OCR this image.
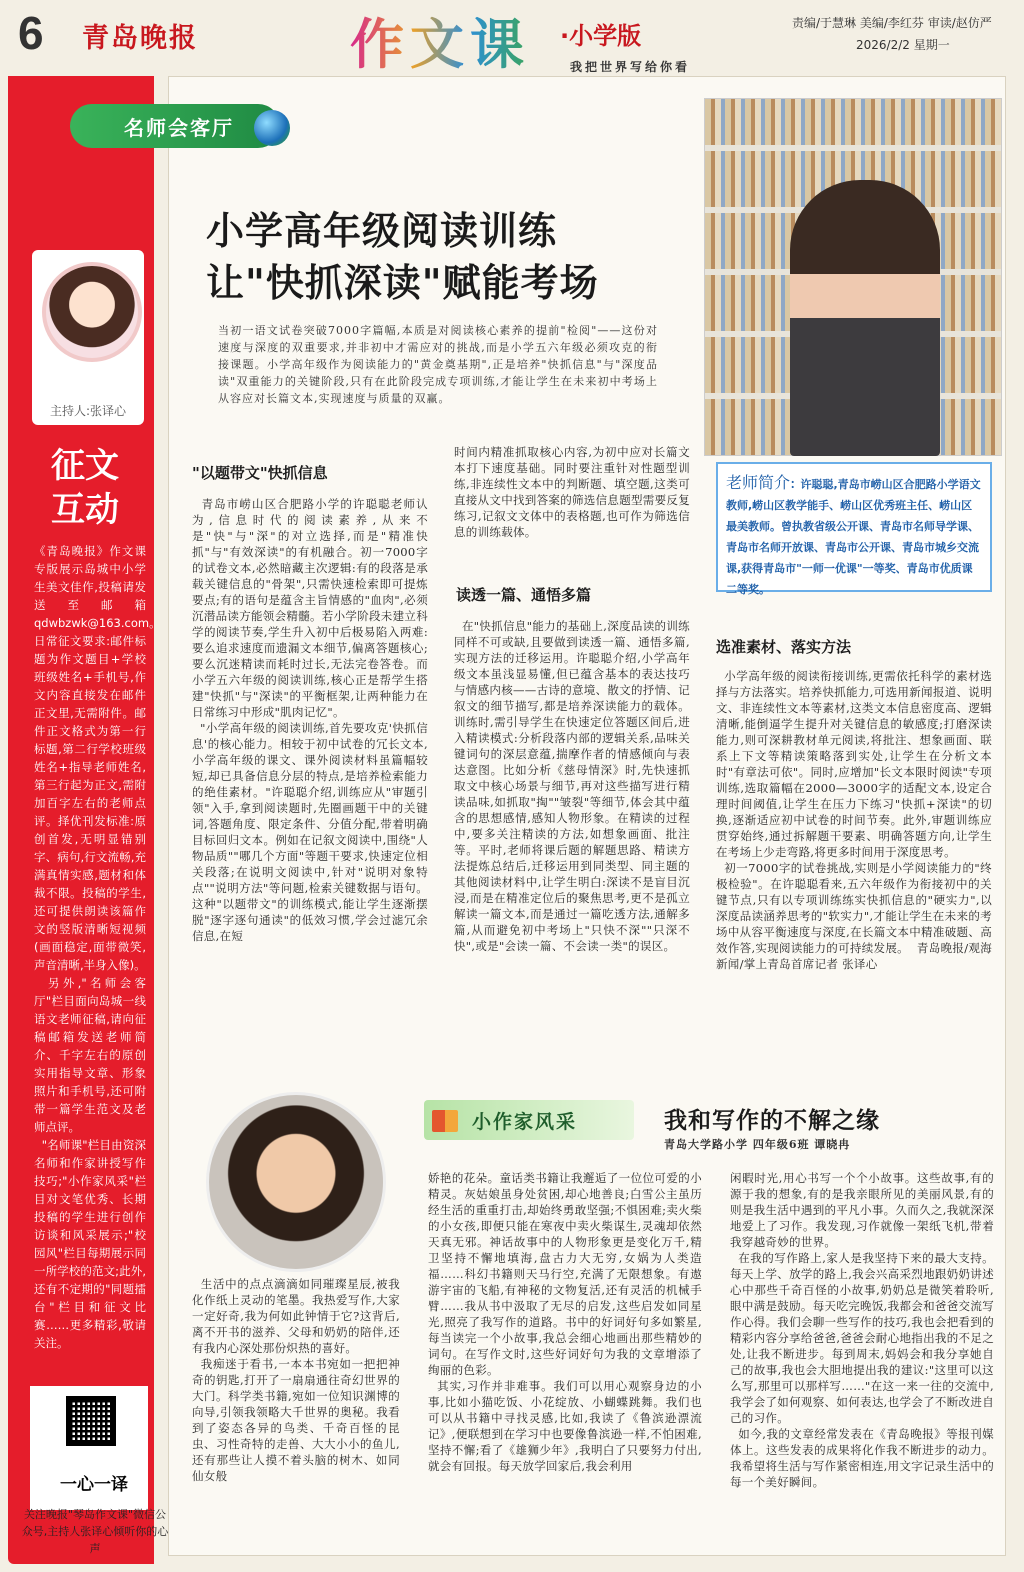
6 青岛晚报	作文课 ·小学版
我把世界写给你看
责编/于慧琳 美编/李红芬 审读/赵仿严
2026/2/2 星期一
主持人:张译心
征文
互动
《青岛晚报》作文课专版展示岛城中小学生美文佳作,投稿请发送至邮箱qdwbzwk@163.com。日常征文要求:邮件标题为作文题目+学校班级姓名+手机号,作文内容直接发在邮件正文里,无需附件。邮件正文格式为第一行标题,第二行学校班级姓名+指导老师姓名,第三行起为正文,需附加百字左右的老师点评。择优刊发标准:原创首发,无明显错别字、病句,行文流畅,充满真情实感,题材和体裁不限。投稿的学生,还可提供朗读该篇作文的竖版清晰短视频(画面稳定,面带微笑,声音清晰,半身入像)。
另外,"名师会客厅"栏目面向岛城一线语文老师征稿,请向征稿邮箱发送老师简介、千字左右的原创实用指导文章、形象照片和手机号,还可附带一篇学生范文及老师点评。
"名师课"栏目由资深名师和作家讲授写作技巧;"小作家风采"栏目对文笔优秀、长期投稿的学生进行创作访谈和风采展示;"校园风"栏目每期展示同一所学校的范文;此外,还有不定期的"同题擂台"栏目和征文比赛……更多精彩,敬请关注。
一心一译
关注晚报"琴岛作文课"微信公众号,主持人张译心倾听你的心声
名师会客厅
小学高年级阅读训练
让"快抓深读"赋能考场
当初一语文试卷突破7000字篇幅,本质是对阅读核心素养的提前"检阅"——这份对速度与深度的双重要求,并非初中才需应对的挑战,而是小学五六年级必须攻克的衔接课题。小学高年级作为阅读能力的"黄金奠基期",正是培养"快抓信息"与"深度品读"双重能力的关键阶段,只有在此阶段完成专项训练,才能让学生在未来初中考场上从容应对长篇文本,实现速度与质量的双赢。
老师简介: 许聪聪,青岛市崂山区合肥路小学语文教师,崂山区教学能手、崂山区优秀班主任、崂山区最美教师。曾执教省级公开课、青岛市名师导学课、青岛市名师开放课、青岛市公开课、青岛市城乡交流课,获得青岛市"一师一优课"一等奖、青岛市优质课二等奖。
"以题带文"快抓信息
青岛市崂山区合肥路小学的许聪聪老师认为,信息时代的阅读素养,从来不是"快"与"深"的对立选择,而是"精准快抓"与"有效深读"的有机融合。初一7000字的试卷文本,必然暗藏主次逻辑:有的段落是承载关键信息的"骨架",只需快速检索即可提炼要点;有的语句是蕴含主旨情感的"血肉",必须沉潜品读方能领会精髓。若小学阶段未建立科学的阅读节奏,学生升入初中后极易陷入两难:要么追求速度而遗漏文本细节,偏离答题核心;要么沉迷精读而耗时过长,无法完卷答卷。而小学五六年级的阅读训练,核心正是帮学生搭建"快抓"与"深读"的平衡框架,让两种能力在日常练习中形成"肌肉记忆"。
"小学高年级的阅读训练,首先要攻克'快抓信息'的核心能力。相较于初中试卷的冗长文本,小学高年级的课文、课外阅读材料虽篇幅较短,却已具备信息分层的特点,是培养检索能力的绝佳素材。"许聪聪介绍,训练应从"审题引领"入手,拿到阅读题时,先圈画题干中的关键词,答题角度、限定条件、分值分配,带着明确目标回归文本。例如在记叙文阅读中,围绕"人物品质""哪几个方面"等题干要求,快速定位相关段落;在说明文阅读中,针对"说明对象特点""说明方法"等问题,检索关键数据与语句。这种"以题带文"的训练模式,能让学生逐渐摆脱"逐字逐句通读"的低效习惯,学会过滤冗余信息,在短
时间内精准抓取核心内容,为初中应对长篇文本打下速度基础。同时要注重针对性题型训练,非连续性文本中的判断题、填空题,这类可直接从文中找到答案的筛选信息题型需要反复练习,记叙文文体中的表格题,也可作为筛选信息的训练载体。
读透一篇、通悟多篇
在"快抓信息"能力的基础上,深度品读的训练同样不可或缺,且要做到读透一篇、通悟多篇,实现方法的迁移运用。许聪聪介绍,小学高年级文本虽浅显易懂,但已蕴含基本的表达技巧与情感内核——古诗的意境、散文的抒情、记叙文的细节描写,都是培养深读能力的载体。训练时,需引导学生在快速定位答题区间后,进入精读模式:分析段落内部的逻辑关系,品味关键词句的深层意蕴,揣摩作者的情感倾向与表达意图。比如分析《慈母情深》时,先快速抓取文中核心场景与细节,再对这些描写进行精读品味,如抓取"掏""皱裂"等细节,体会其中蕴含的思想感情,感知人物形象。在精读的过程中,要多关注精读的方法,如想象画面、批注等。平时,老师将课后题的解题思路、精读方法提炼总结后,迁移运用到同类型、同主题的其他阅读材料中,让学生明白:深读不是盲目沉浸,而是在精准定位后的聚焦思考,更不是孤立解读一篇文本,而是通过一篇吃透方法,通解多篇,从而避免初中考场上"只快不深""只深不快",或是"会读一篇、不会读一类"的误区。
选准素材、落实方法
小学高年级的阅读衔接训练,更需依托科学的素材选择与方法落实。培养快抓能力,可选用新闻报道、说明文、非连续性文本等素材,这类文本信息密度高、逻辑清晰,能倒逼学生提升对关键信息的敏感度;打磨深读能力,则可深耕教材单元阅读,将批注、想象画面、联系上下文等精读策略落到实处,让学生在分析文本时"有章法可依"。同时,应增加"长文本限时阅读"专项训练,选取篇幅在2000—3000字的适配文本,设定合理时间阈值,让学生在压力下练习"快抓+深读"的切换,逐渐适应初中试卷的时间节奏。此外,审题训练应贯穿始终,通过拆解题干要素、明确答题方向,让学生在考场上少走弯路,将更多时间用于深度思考。
初一7000字的试卷挑战,实则是小学阅读能力的"终极检验"。在许聪聪看来,五六年级作为衔接初中的关键节点,只有以专项训练练实快抓信息的"硬实力",以深度品读涵养思考的"软实力",才能让学生在未来的考场中从容平衡速度与深度,在长篇文本中精准破题、高效作答,实现阅读能力的可持续发展。  青岛晚报/观海新闻/掌上青岛首席记者 张译心
小作家风采	我和写作的不解之缘
青岛大学路小学 四年级6班 谭晓冉
生活中的点点滴滴如同璀璨星辰,被我化作纸上灵动的笔墨。我热爱写作,大家一定好奇,我为何如此钟情于它?这背后,离不开书的滋养、父母和奶奶的陪伴,还有我内心深处那份炽热的喜好。
我痴迷于看书,一本本书宛如一把把神奇的钥匙,打开了一扇扇通往奇幻世界的大门。科学类书籍,宛如一位知识渊博的向导,引领我领略大千世界的奥秘。我看到了姿态各异的鸟类、千奇百怪的昆虫、习性奇特的走兽、大大小小的鱼儿,还有那些让人摸不着头脑的树木、如同仙女般
娇艳的花朵。童话类书籍让我邂逅了一位位可爱的小精灵。灰姑娘虽身处贫困,却心地善良;白雪公主虽历经生活的重重打击,却始终勇敢坚强;不惧困难;卖火柴的小女孩,即便只能在寒夜中卖火柴谋生,灵魂却依然天真无邪。神话故事中的人物形象更是变化万千,精卫坚持不懈地填海,盘古力大无穷,女娲为人类造福……科幻书籍则天马行空,充满了无限想象。有遨游宇宙的飞船,有神秘的文物复活,还有灵活的机械手臂……我从书中汲取了无尽的启发,这些启发如同星光,照亮了我写作的道路。书中的好词好句多如繁星,每当读完一个小故事,我总会细心地画出那些精妙的词句。在写作文时,这些好词好句为我的文章增添了绚丽的色彩。
其实,习作并非难事。我们可以用心观察身边的小事,比如小猫吃饭、小花绽放、小蝴蝶跳舞。我们也可以从书籍中寻找灵感,比如,我读了《鲁滨逊漂流记》,便联想到在学习中也要像鲁滨逊一样,不怕困难,坚持不懈;看了《雄狮少年》,我明白了只要努力付出,就会有回报。每天放学回家后,我会利用
闲暇时光,用心书写一个个小故事。这些故事,有的源于我的想象,有的是我亲眼所见的美丽风景,有的则是我生活中遇到的平凡小事。久而久之,我就深深地爱上了习作。我发现,习作就像一架纸飞机,带着我穿越奇妙的世界。
在我的写作路上,家人是我坚持下来的最大支持。每天上学、放学的路上,我会兴高采烈地跟奶奶讲述心中那些千奇百怪的小故事,奶奶总是微笑着聆听,眼中满是鼓励。每天吃完晚饭,我都会和爸爸交流写作心得。我们会聊一些写作的技巧,我也会把看到的精彩内容分享给爸爸,爸爸会耐心地指出我的不足之处,让我不断进步。每到周末,妈妈会和我分享她自己的故事,我也会大胆地提出我的建议:"这里可以这么写,那里可以那样写……"在这一来一往的交流中,我学会了如何观察、如何表达,也学会了不断改进自己的习作。
如今,我的文章经常发表在《青岛晚报》等报刊媒体上。这些发表的成果将化作我不断进步的动力。我希望将生活与写作紧密相连,用文字记录生活中的每一个美好瞬间。
